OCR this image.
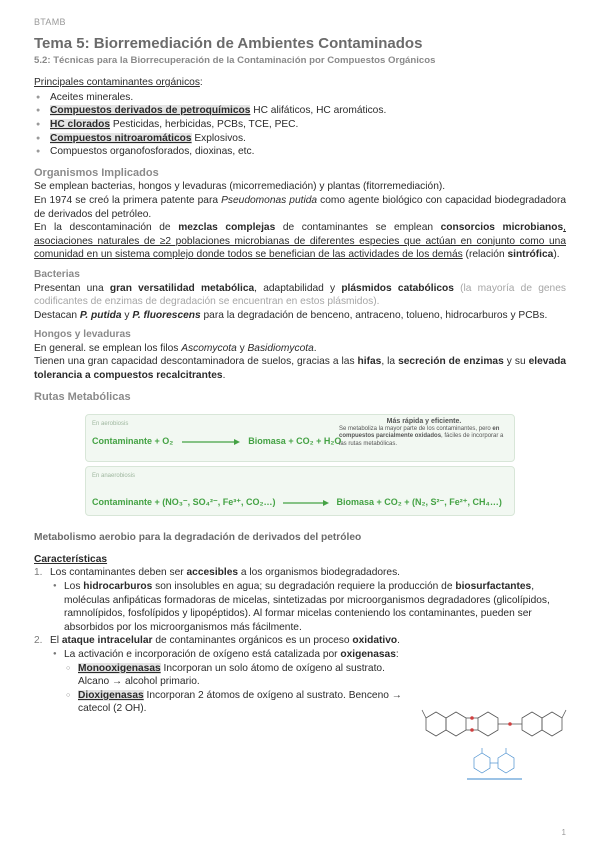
BTAMB
Tema 5: Biorremediación de Ambientes Contaminados
5.2: Técnicas para la Biorrecuperación de la Contaminación por Compuestos Orgánicos
Principales contaminantes orgánicos:
● Aceites minerales.
● Compuestos derivados de petroquímicos HC alifáticos, HC aromáticos.
● HC clorados Pesticidas, herbicidas, PCBs, TCE, PEC.
● Compuestos nitroaromáticos Explosivos.
● Compuestos organofosforados, dioxinas, etc.
Organismos Implicados

Se emplean bacterias, hongos y levaduras (micorremediación) y plantas (fitorremediación).

En 1974 se creó la primera patente para Pseudomonas putida como agente biológico con capacidad biodegradadora de derivados del petróleo.

En la descontaminación de mezclas complejas de contaminantes se emplean consorcios microbianos, asociaciones naturales de ≥2 poblaciones microbianas de diferentes especies que actúan en conjunto como una comunidad en un sistema complejo donde todos se benefician de las actividades de los demás (relación sintrófica).

Bacterias

Presentan una gran versatilidad metabólica, adaptabilidad y plásmidos catabólicos (la mayoría de genes codificantes de enzimas de degradación se encuentran en estos plásmidos).

Destacan P. putida y P. fluorescens para la degradación de benceno, antraceno, tolueno, hidrocarburos y PCBs.

Hongos y levaduras

En general. se emplean los filos Ascomycota y Basidiomycota.

Tienen una gran capacidad descontaminadora de suelos, gracias a las hifas, la secreción de enzimas y su elevada tolerancia a compuestos recalcitrantes.

Rutas Metabólicas
En aerobiosis
Contaminante + O₂	Biomasa + CO₂ + H₂O
Más rápida y eficiente.
Se metaboliza la mayor parte de los contaminantes, pero en compuestos parcialmente oxidados, fáciles de incorporar a las rutas metabólicas.
En anaerobiosis
Contaminante + (NO₃⁻, SO₄²⁻, Fe³⁺, CO₂…)	Biomasa + CO₂ + (N₂, S²⁻, Fe²⁺, CH₄…)
Metabolismo aerobio para la degradación de derivados del petróleo
Características
1. Los contaminantes deben ser accesibles a los organismos biodegradadores.
● Los hidrocarburos son insolubles en agua; su degradación requiere la producción de biosurfactantes, moléculas anfipáticas formadoras de micelas, sintetizadas por microorganismos degradadores (glicolípidos, ramnolípidos, fosfolípidos y lipopéptidos). Al formar micelas conteniendo los contaminantes, pueden ser absorbidos por los microorganismos más fácilmente.
2. El ataque intracelular de contaminantes orgánicos es un proceso oxidativo.
● La activación e incorporación de oxígeno está catalizada por oxigenasas:
○ Monooxigenasas Incorporan un solo átomo de oxígeno al sustrato. Alcano → alcohol primario.
○ Dioxigenasas Incorporan 2 átomos de oxígeno al sustrato. Benceno → catecol (2 OH).
1
